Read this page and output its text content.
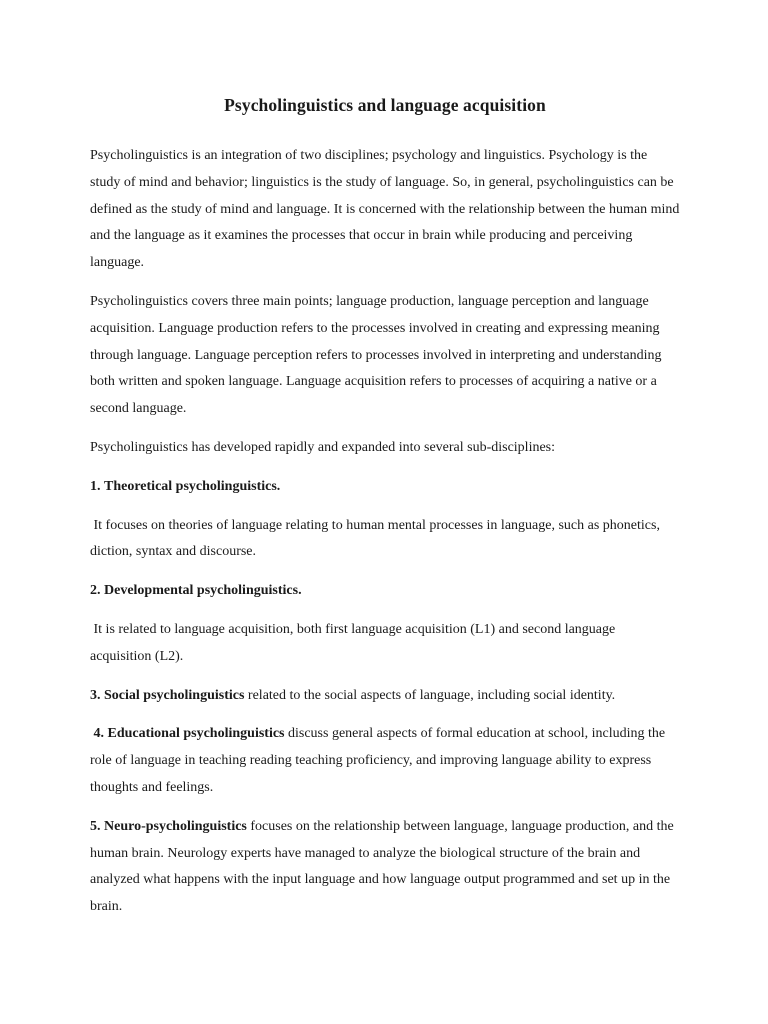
Psycholinguistics and language acquisition

Psycholinguistics is an integration of two disciplines; psychology and linguistics. Psychology is the study of mind and behavior; linguistics is the study of language. So, in general, psycholinguistics can be defined as the study of mind and language. It is concerned with the relationship between the human mind and the language as it examines the processes that occur in brain while producing and perceiving language.

Psycholinguistics covers three main points; language production, language perception and language acquisition. Language production refers to the processes involved in creating and expressing meaning through language. Language perception refers to processes involved in interpreting and understanding both written and spoken language. Language acquisition refers to processes of acquiring a native or a second language.

Psycholinguistics has developed rapidly and expanded into several sub-disciplines:

1. Theoretical psycholinguistics.

It focuses on theories of language relating to human mental processes in language, such as phonetics, diction, syntax and discourse.

2. Developmental psycholinguistics.

It is related to language acquisition, both first language acquisition (L1) and second language acquisition (L2).

3. Social psycholinguistics related to the social aspects of language, including social identity.

4. Educational psycholinguistics discuss general aspects of formal education at school, including the role of language in teaching reading teaching proficiency, and improving language ability to express thoughts and feelings.

5. Neuro-psycholinguistics focuses on the relationship between language, language production, and the human brain. Neurology experts have managed to analyze the biological structure of the brain and analyzed what happens with the input language and how language output programmed and set up in the brain.
